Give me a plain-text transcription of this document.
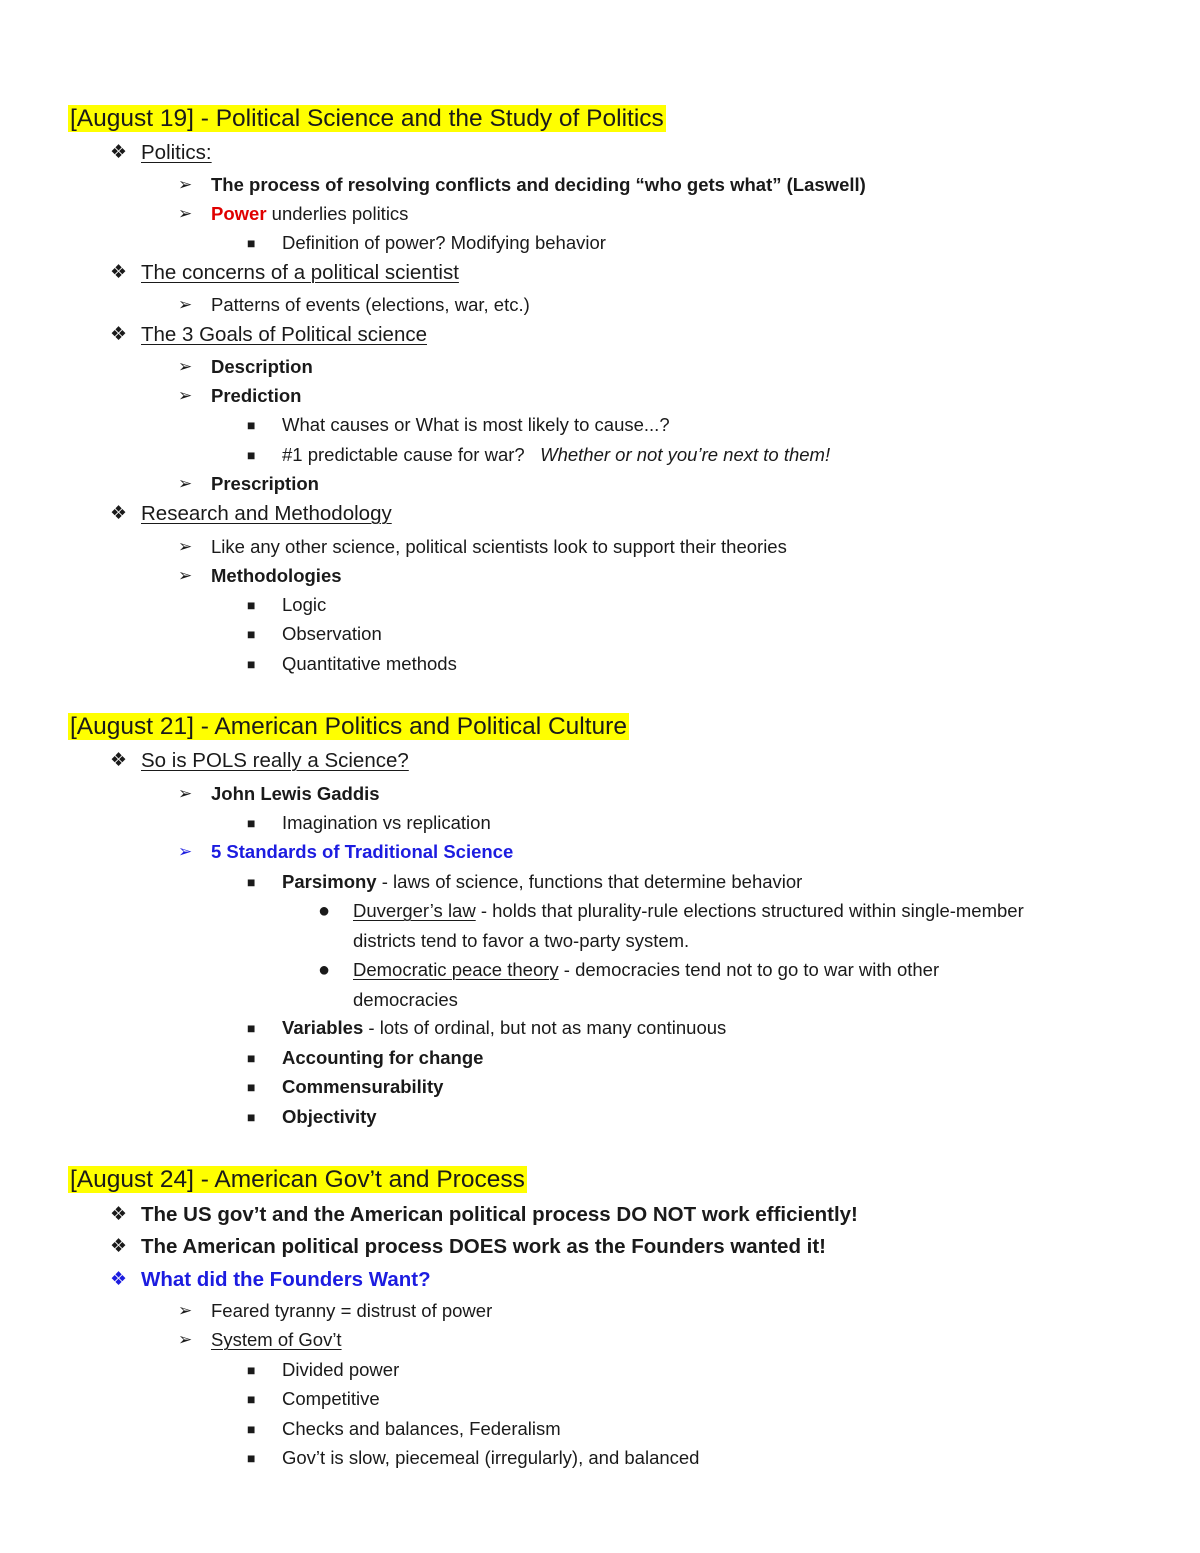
[August 19] - Political Science and the Study of Politics
❖ Politics:
➢ The process of resolving conflicts and deciding “who gets what” (Laswell)
➢ Power underlies politics
■ Definition of power? Modifying behavior
❖ The concerns of a political scientist
➢ Patterns of events (elections, war, etc.)
❖ The 3 Goals of Political science
➢ Description
➢ Prediction
■ What causes or What is most likely to cause...?
■ #1 predictable cause for war? Whether or not you’re next to them!
➢ Prescription
❖ Research and Methodology
➢ Like any other science, political scientists look to support their theories
➢ Methodologies
■ Logic
■ Observation
■ Quantitative methods
[August 21] - American Politics and Political Culture
❖ So is POLS really a Science?
➢ John Lewis Gaddis
■ Imagination vs replication
➢ 5 Standards of Traditional Science
■ Parsimony - laws of science, functions that determine behavior
● Duverger’s law - holds that plurality-rule elections structured within single-member
districts tend to favor a two-party system.
● Democratic peace theory - democracies tend not to go to war with other
democracies
■ Variables - lots of ordinal, but not as many continuous
■ Accounting for change
■ Commensurability
■ Objectivity
[August 24] - American Gov’t and Process
❖ The US gov’t and the American political process DO NOT work efficiently!
❖ The American political process DOES work as the Founders wanted it!
❖ What did the Founders Want?
➢ Feared tyranny = distrust of power
➢ System of Gov’t
■ Divided power
■ Competitive
■ Checks and balances, Federalism
■ Gov’t is slow, piecemeal (irregularly), and balanced
